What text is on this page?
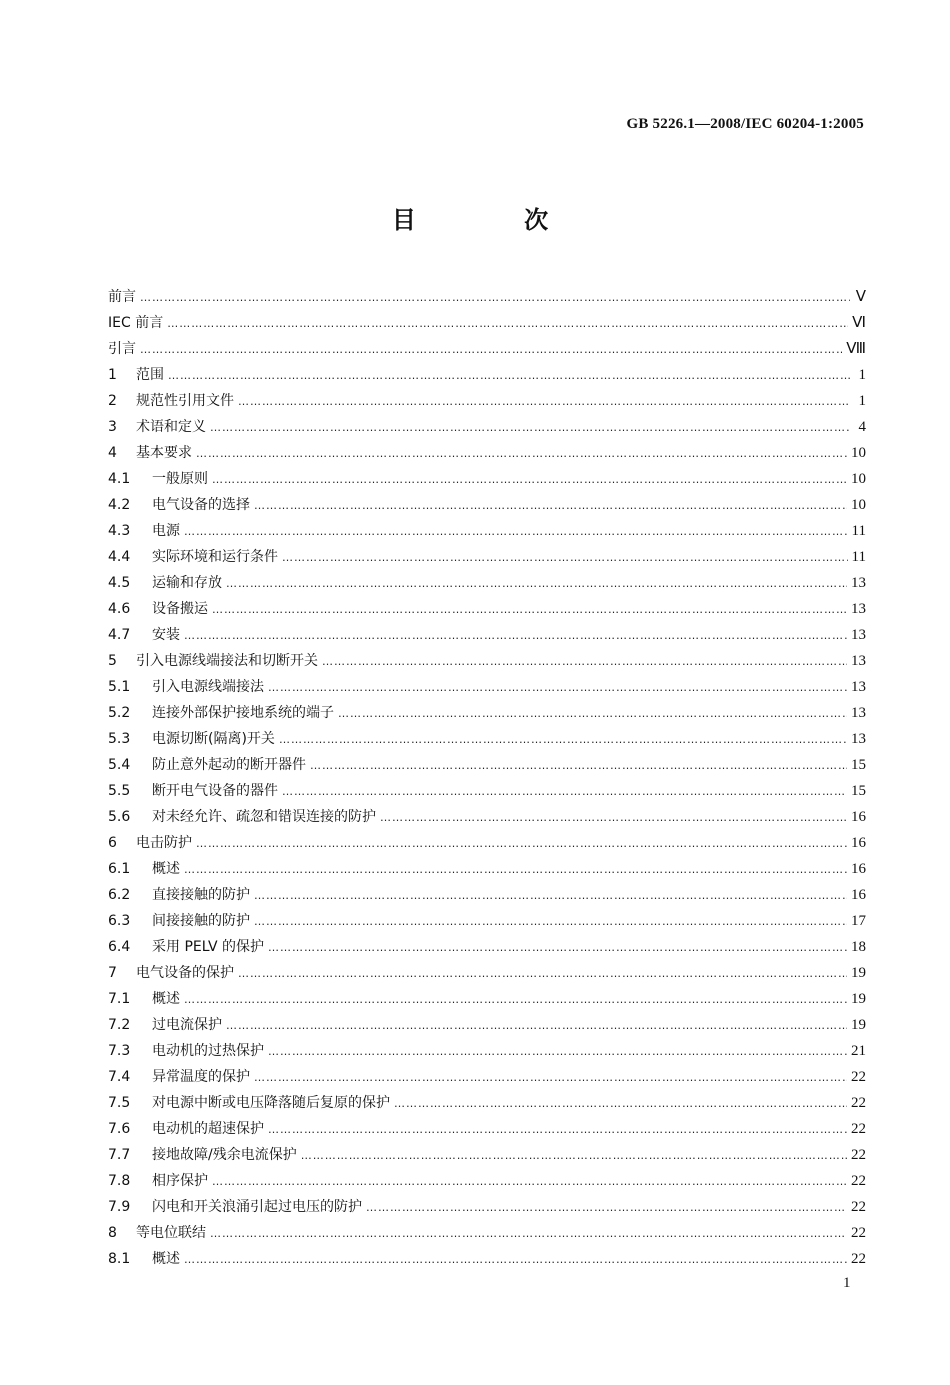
GB 5226.1—2008/IEC 60204-1:2005
目 次
前言 …………………………………………………………………………………………………………………………………………………………………………………………………………	Ⅴ
IEC 前言 …………………………………………………………………………………………………………………………………………………………………………………………………………	Ⅵ
引言 …………………………………………………………………………………………………………………………………………………………………………………………………………	Ⅷ
1	范围 …………………………………………………………………………………………………………………………………………………………………………………………………………	1
2	规范性引用文件 …………………………………………………………………………………………………………………………………………………………………………………………………………	1
3	术语和定义 …………………………………………………………………………………………………………………………………………………………………………………………………………	4
4	基本要求 …………………………………………………………………………………………………………………………………………………………………………………………………………	10
4.1	一般原则 …………………………………………………………………………………………………………………………………………………………………………………………………………	10
4.2	电气设备的选择 …………………………………………………………………………………………………………………………………………………………………………………………………………	10
4.3	电源 …………………………………………………………………………………………………………………………………………………………………………………………………………	11
4.4	实际环境和运行条件 …………………………………………………………………………………………………………………………………………………………………………………………………………	11
4.5	运输和存放 …………………………………………………………………………………………………………………………………………………………………………………………………………	13
4.6	设备搬运 …………………………………………………………………………………………………………………………………………………………………………………………………………	13
4.7	安装 …………………………………………………………………………………………………………………………………………………………………………………………………………	13
5	引入电源线端接法和切断开关 …………………………………………………………………………………………………………………………………………………………………………………………………………	13
5.1	引入电源线端接法 …………………………………………………………………………………………………………………………………………………………………………………………………………	13
5.2	连接外部保护接地系统的端子 …………………………………………………………………………………………………………………………………………………………………………………………………………	13
5.3	电源切断(隔离)开关 …………………………………………………………………………………………………………………………………………………………………………………………………………	13
5.4	防止意外起动的断开器件 …………………………………………………………………………………………………………………………………………………………………………………………………………	15
5.5	断开电气设备的器件 …………………………………………………………………………………………………………………………………………………………………………………………………………	15
5.6	对未经允许、疏忽和错误连接的防护 …………………………………………………………………………………………………………………………………………………………………………………………………………	16
6	电击防护 …………………………………………………………………………………………………………………………………………………………………………………………………………	16
6.1	概述 …………………………………………………………………………………………………………………………………………………………………………………………………………	16
6.2	直接接触的防护 …………………………………………………………………………………………………………………………………………………………………………………………………………	16
6.3	间接接触的防护 …………………………………………………………………………………………………………………………………………………………………………………………………………	17
6.4	采用 PELV 的保护 …………………………………………………………………………………………………………………………………………………………………………………………………………	18
7	电气设备的保护 …………………………………………………………………………………………………………………………………………………………………………………………………………	19
7.1	概述 …………………………………………………………………………………………………………………………………………………………………………………………………………	19
7.2	过电流保护 …………………………………………………………………………………………………………………………………………………………………………………………………………	19
7.3	电动机的过热保护 …………………………………………………………………………………………………………………………………………………………………………………………………………	21
7.4	异常温度的保护 …………………………………………………………………………………………………………………………………………………………………………………………………………	22
7.5	对电源中断或电压降落随后复原的保护 …………………………………………………………………………………………………………………………………………………………………………………………………………	22
7.6	电动机的超速保护 …………………………………………………………………………………………………………………………………………………………………………………………………………	22
7.7	接地故障/残余电流保护 …………………………………………………………………………………………………………………………………………………………………………………………………………	22
7.8	相序保护 …………………………………………………………………………………………………………………………………………………………………………………………………………	22
7.9	闪电和开关浪涌引起过电压的防护 …………………………………………………………………………………………………………………………………………………………………………………………………………	22
8	等电位联结 …………………………………………………………………………………………………………………………………………………………………………………………………………	22
8.1	概述 …………………………………………………………………………………………………………………………………………………………………………………………………………	22
1
